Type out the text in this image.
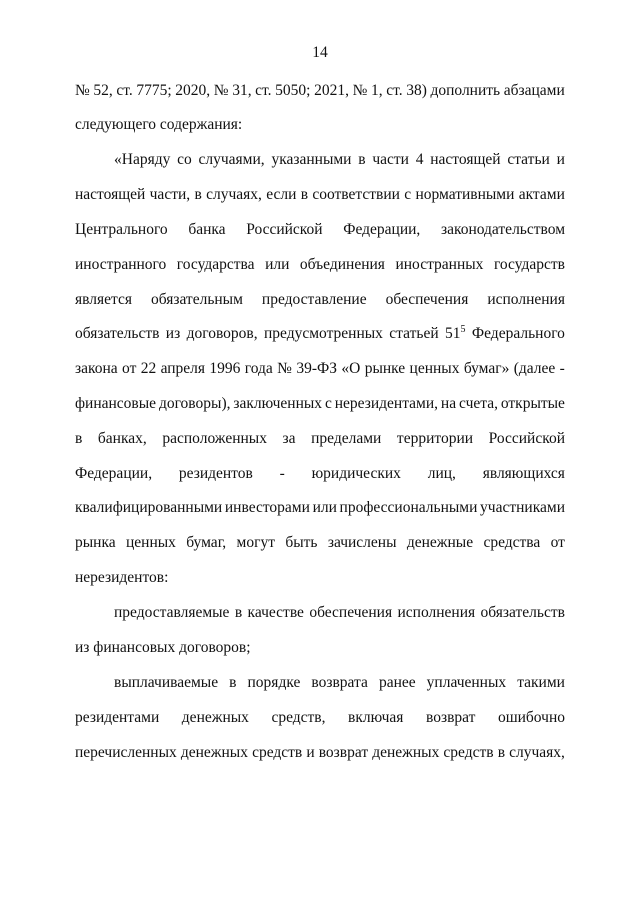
14
№ 52, ст. 7775; 2020, № 31, ст. 5050; 2021, № 1, ст. 38) дополнить абзацами
следующего содержания:
«Наряду со случаями, указанными в части 4 настоящей статьи и
настоящей части, в случаях, если в соответствии с нормативными актами
Центрального банка Российской Федерации, законодательством
иностранного государства или объединения иностранных государств
является обязательным предоставление обеспечения исполнения
обязательств из договоров, предусмотренных статьей $51^5$ Федерального
закона от 22 апреля 1996 года № 39-ФЗ «О рынке ценных бумаг» (далее -
финансовые договоры), заключенных с нерезидентами, на счета, открытые
в банках, расположенных за пределами территории Российской
Федерации, резидентов - юридических лиц, являющихся
квалифицированными инвесторами или профессиональными участниками
рынка ценных бумаг, могут быть зачислены денежные средства от
нерезидентов:
предоставляемые в качестве обеспечения исполнения обязательств
из финансовых договоров;
выплачиваемые в порядке возврата ранее уплаченных такими
резидентами денежных средств, включая возврат ошибочно
перечисленных денежных средств и возврат денежных средств в случаях,
